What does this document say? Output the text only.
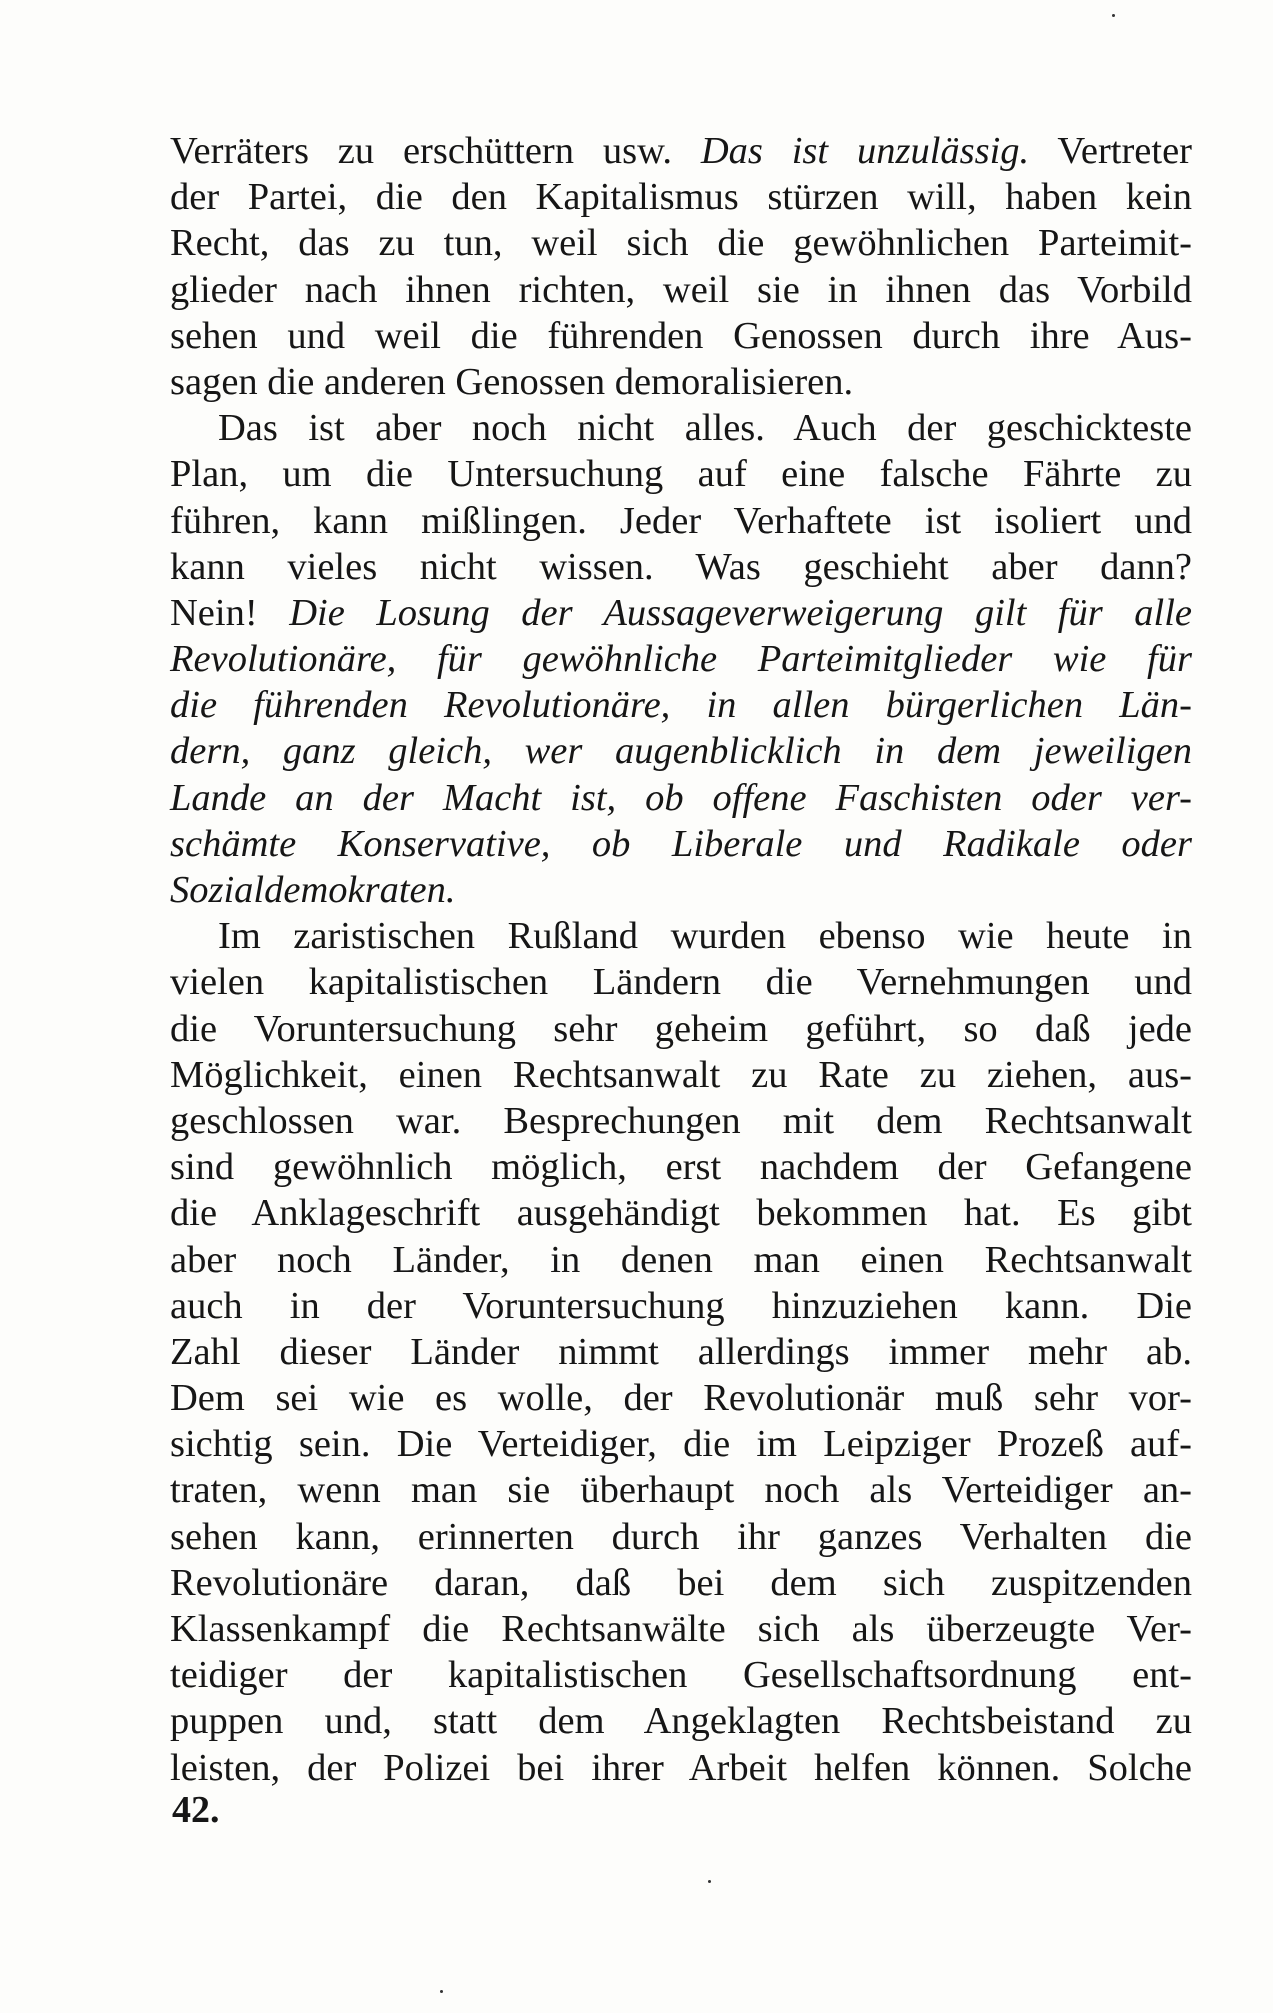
Verräters zu erschüttern usw. Das ist unzulässig. Vertreter
der Partei, die den Kapitalismus stürzen will, haben kein
Recht, das zu tun, weil sich die gewöhnlichen Parteimit-
glieder nach ihnen richten, weil sie in ihnen das Vorbild
sehen und weil die führenden Genossen durch ihre Aus-
sagen die anderen Genossen demoralisieren.
Das ist aber noch nicht alles. Auch der geschickteste
Plan, um die Untersuchung auf eine falsche Fährte zu
führen, kann mißlingen. Jeder Verhaftete ist isoliert und
kann vieles nicht wissen. Was geschieht aber dann?
Nein! Die Losung der Aussageverweigerung gilt für alle
Revolutionäre, für gewöhnliche Parteimitglieder wie für
die führenden Revolutionäre, in allen bürgerlichen Län-
dern, ganz gleich, wer augenblicklich in dem jeweiligen
Lande an der Macht ist, ob offene Faschisten oder ver-
schämte Konservative, ob Liberale und Radikale oder
Sozialdemokraten.
Im zaristischen Rußland wurden ebenso wie heute in
vielen kapitalistischen Ländern die Vernehmungen und
die Voruntersuchung sehr geheim geführt, so daß jede
Möglichkeit, einen Rechtsanwalt zu Rate zu ziehen, aus-
geschlossen war. Besprechungen mit dem Rechtsanwalt
sind gewöhnlich möglich, erst nachdem der Gefangene
die Anklageschrift ausgehändigt bekommen hat. Es gibt
aber noch Länder, in denen man einen Rechtsanwalt
auch in der Voruntersuchung hinzuziehen kann. Die
Zahl dieser Länder nimmt allerdings immer mehr ab.
Dem sei wie es wolle, der Revolutionär muß sehr vor-
sichtig sein. Die Verteidiger, die im Leipziger Prozeß auf-
traten, wenn man sie überhaupt noch als Verteidiger an-
sehen kann, erinnerten durch ihr ganzes Verhalten die
Revolutionäre daran, daß bei dem sich zuspitzenden
Klassenkampf die Rechtsanwälte sich als überzeugte Ver-
teidiger der kapitalistischen Gesellschaftsordnung ent-
puppen und, statt dem Angeklagten Rechtsbeistand zu
leisten, der Polizei bei ihrer Arbeit helfen können. Solche
42.
